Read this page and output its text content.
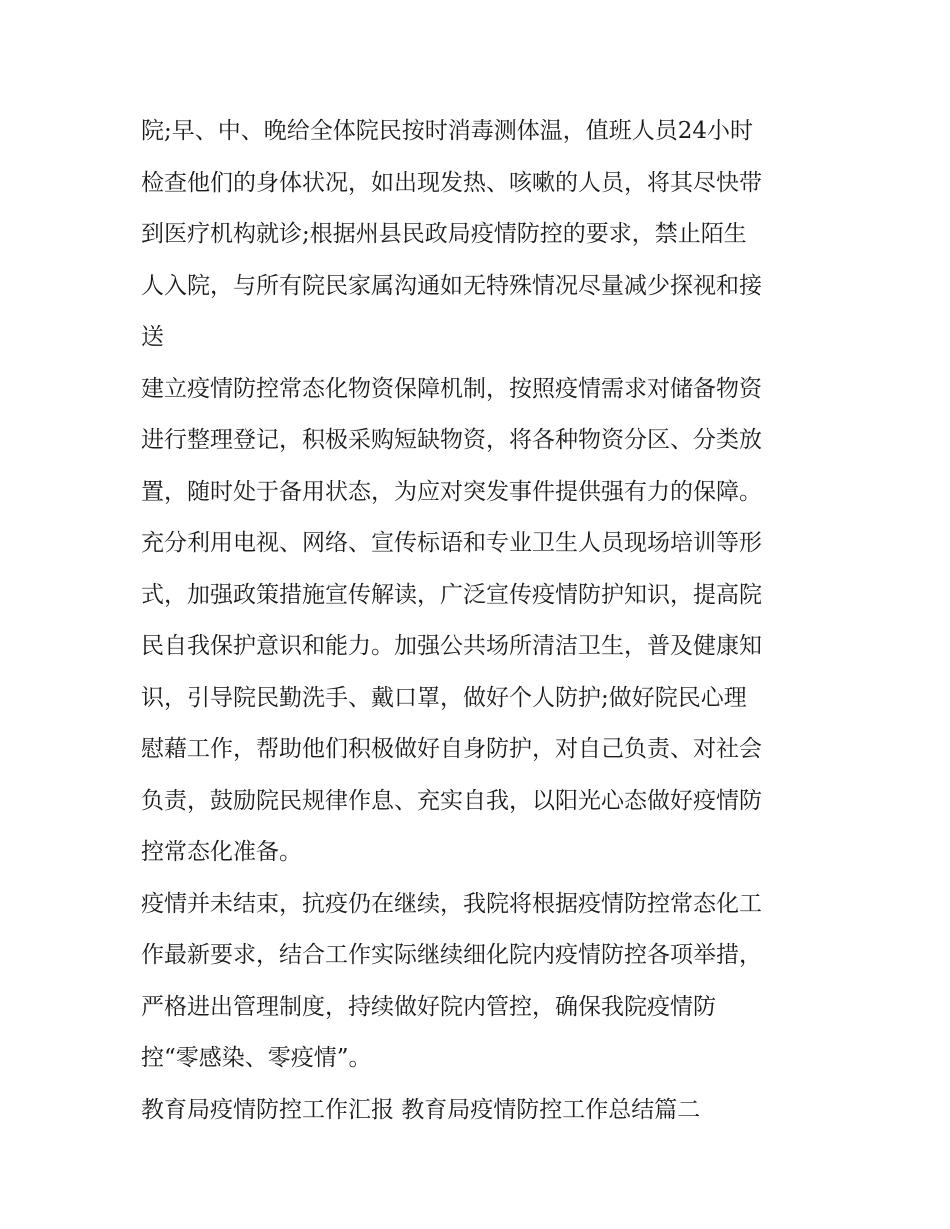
院;早、中、晚给全体院民按时消毒测体温，值班人员24小时
检查他们的身体状况，如出现发热、咳嗽的人员，将其尽快带
到医疗机构就诊;根据州县民政局疫情防控的要求，禁止陌生
人入院，与所有院民家属沟通如无特殊情况尽量减少探视和接
送
建立疫情防控常态化物资保障机制，按照疫情需求对储备物资
进行整理登记，积极采购短缺物资，将各种物资分区、分类放
置，随时处于备用状态，为应对突发事件提供强有力的保障。
充分利用电视、网络、宣传标语和专业卫生人员现场培训等形
式，加强政策措施宣传解读，广泛宣传疫情防护知识，提高院
民自我保护意识和能力。加强公共场所清洁卫生，普及健康知
识，引导院民勤洗手、戴口罩，做好个人防护;做好院民心理
慰藉工作，帮助他们积极做好自身防护，对自己负责、对社会
负责，鼓励院民规律作息、充实自我，以阳光心态做好疫情防
控常态化准备。
疫情并未结束，抗疫仍在继续，我院将根据疫情防控常态化工
作最新要求，结合工作实际继续细化院内疫情防控各项举措，
严格进出管理制度，持续做好院内管控，确保我院疫情防
控“零感染、零疫情”。
教育局疫情防控工作汇报 教育局疫情防控工作总结篇二
